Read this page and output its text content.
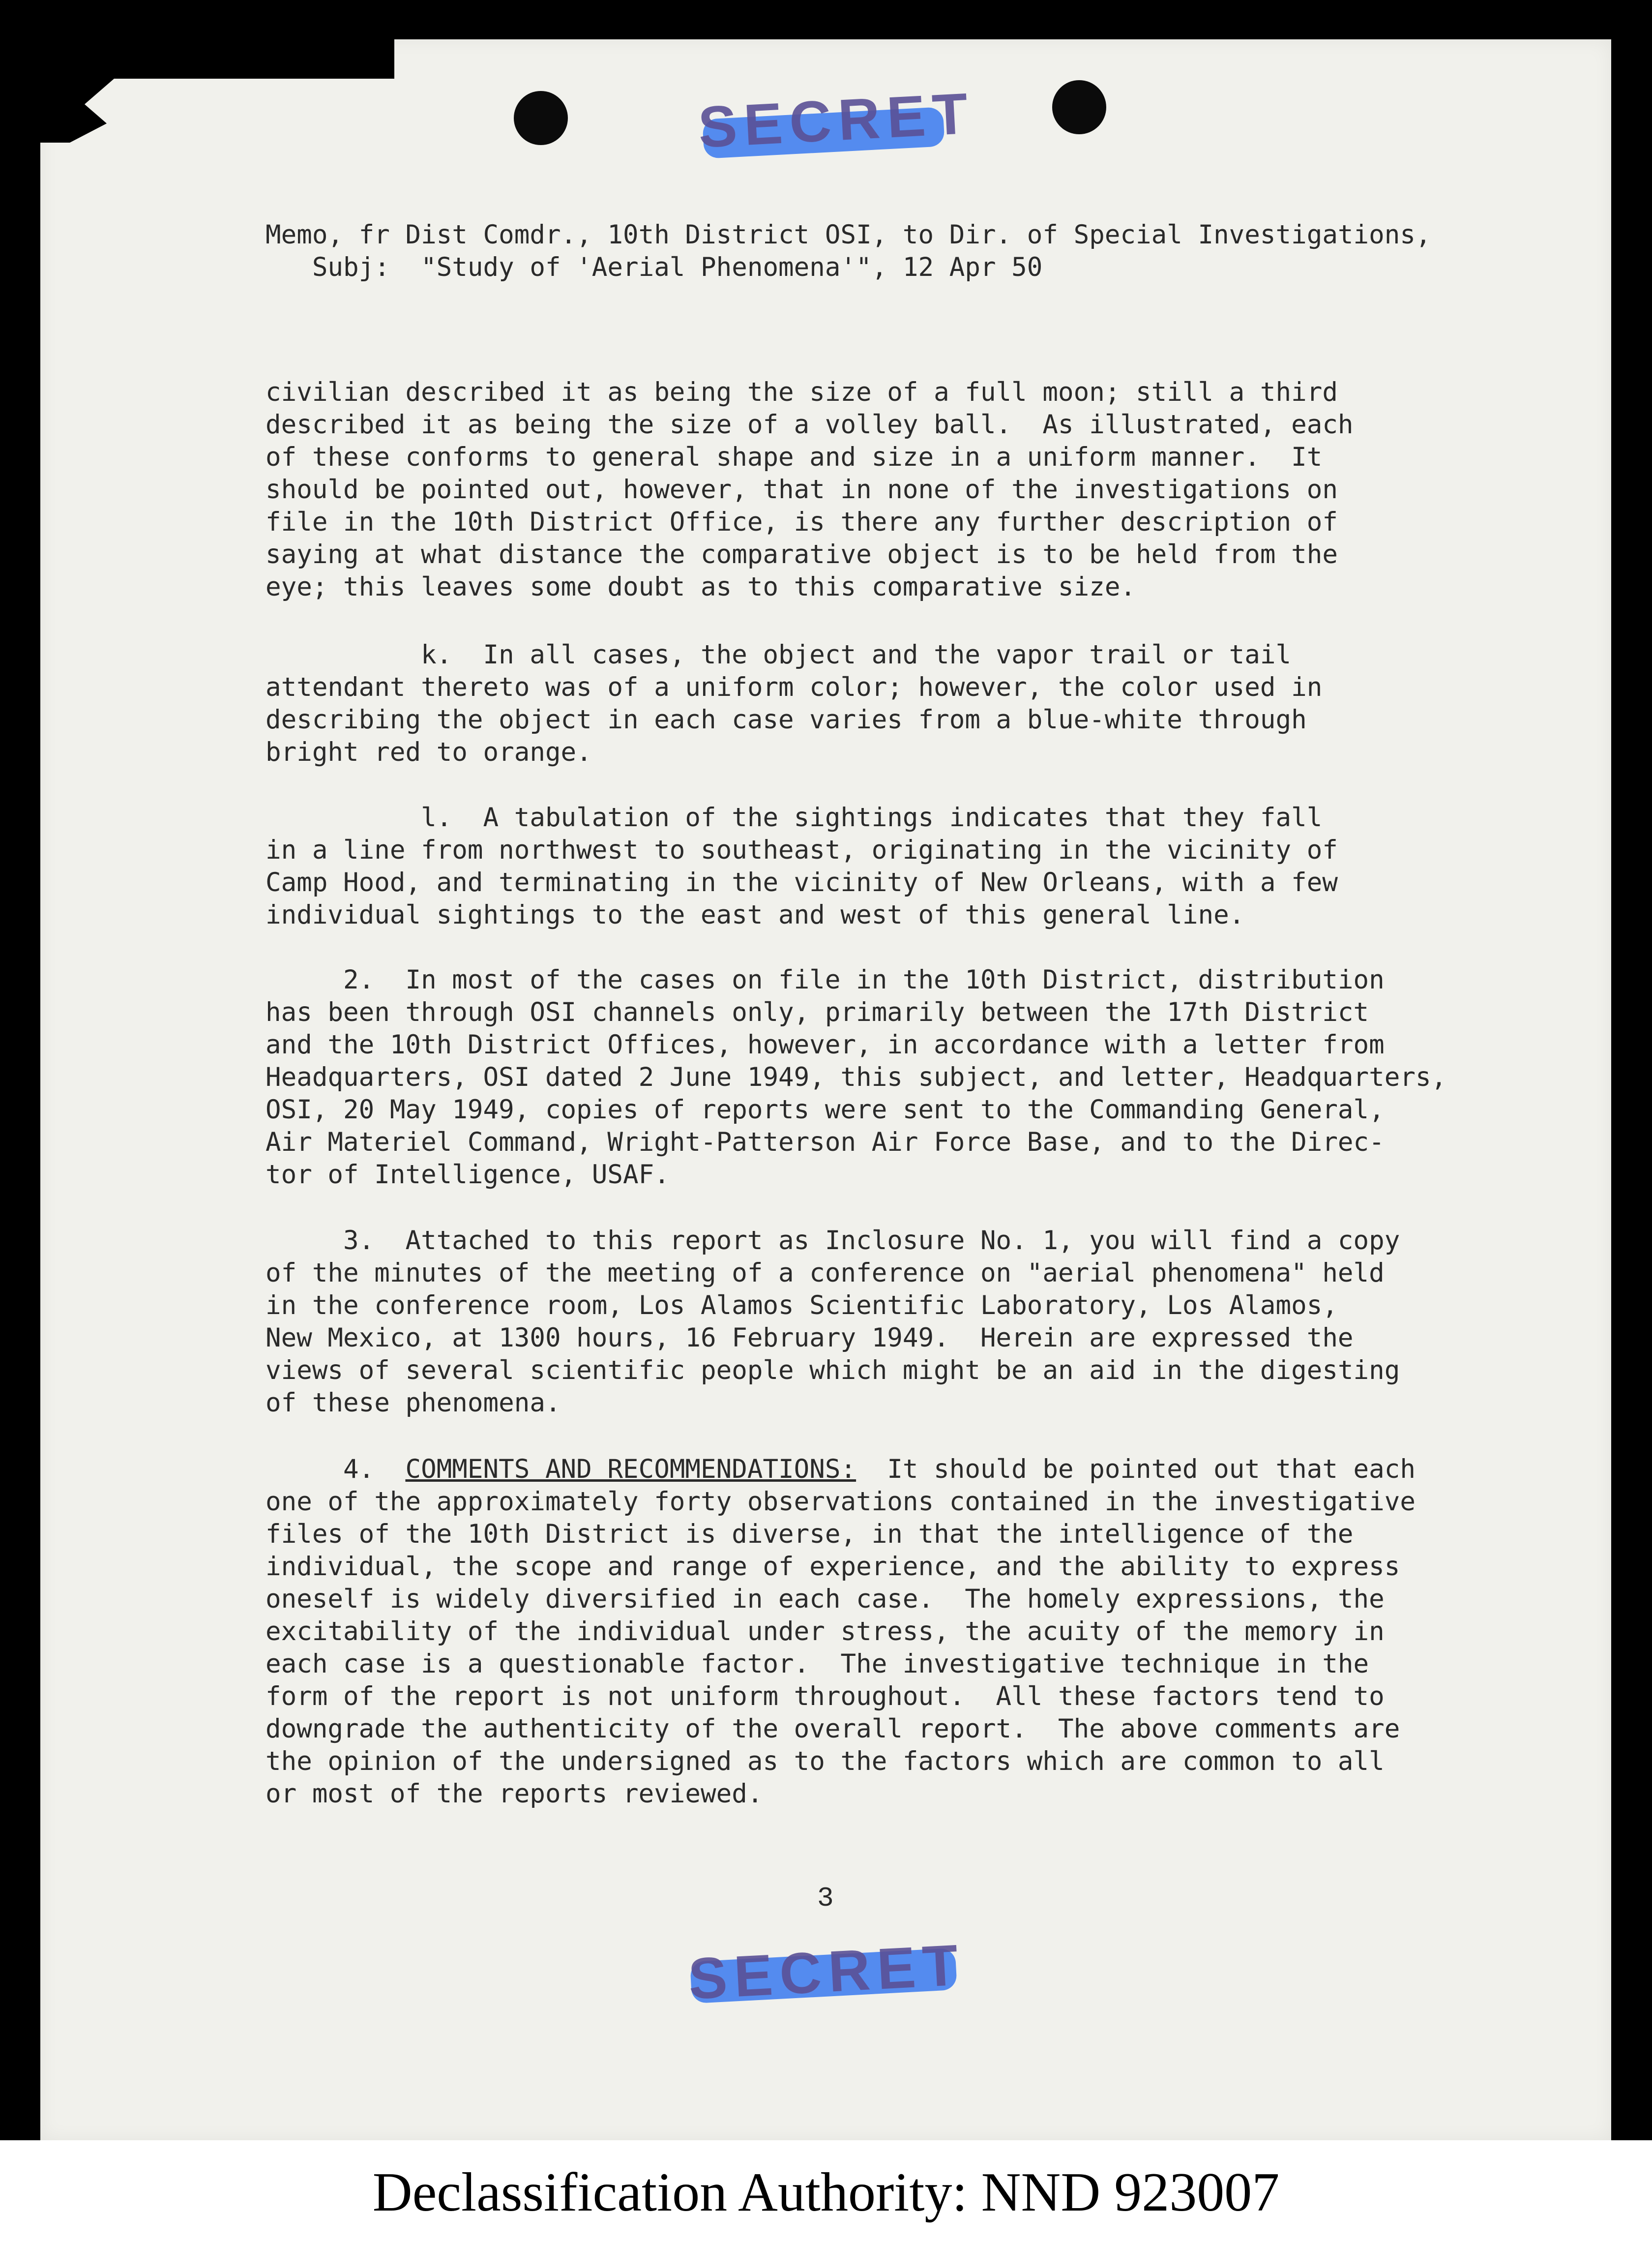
SECRET
Memo, fr Dist Comdr., 10th District OSI, to Dir. of Special Investigations,
Subj:  "Study of 'Aerial Phenomena'", 12 Apr 50
civilian described it as being the size of a full moon; still a third
described it as being the size of a volley ball.  As illustrated, each
of these conforms to general shape and size in a uniform manner.  It
should be pointed out, however, that in none of the investigations on
file in the 10th District Office, is there any further description of
saying at what distance the comparative object is to be held from the
eye; this leaves some doubt as to this comparative size.
k.  In all cases, the object and the vapor trail or tail
attendant thereto was of a uniform color; however, the color used in
describing the object in each case varies from a blue-white through
bright red to orange.
l.  A tabulation of the sightings indicates that they fall
in a line from northwest to southeast, originating in the vicinity of
Camp Hood, and terminating in the vicinity of New Orleans, with a few
individual sightings to the east and west of this general line.
2.  In most of the cases on file in the 10th District, distribution
has been through OSI channels only, primarily between the 17th District
and the 10th District Offices, however, in accordance with a letter from
Headquarters, OSI dated 2 June 1949, this subject, and letter, Headquarters,
OSI, 20 May 1949, copies of reports were sent to the Commanding General,
Air Materiel Command, Wright-Patterson Air Force Base, and to the Direc-
tor of Intelligence, USAF.
3.  Attached to this report as Inclosure No. 1, you will find a copy
of the minutes of the meeting of a conference on "aerial phenomena" held
in the conference room, Los Alamos Scientific Laboratory, Los Alamos,
New Mexico, at 1300 hours, 16 February 1949.  Herein are expressed the
views of several scientific people which might be an aid in the digesting
of these phenomena.
4.  COMMENTS AND RECOMMENDATIONS:  It should be pointed out that each
one of the approximately forty observations contained in the investigative
files of the 10th District is diverse, in that the intelligence of the
individual, the scope and range of experience, and the ability to express
oneself is widely diversified in each case.  The homely expressions, the
excitability of the individual under stress, the acuity of the memory in
each case is a questionable factor.  The investigative technique in the
form of the report is not uniform throughout.  All these factors tend to
downgrade the authenticity of the overall report.  The above comments are
the opinion of the undersigned as to the factors which are common to all
or most of the reports reviewed.
3
SECRET
Declassification Authority: NND 923007
